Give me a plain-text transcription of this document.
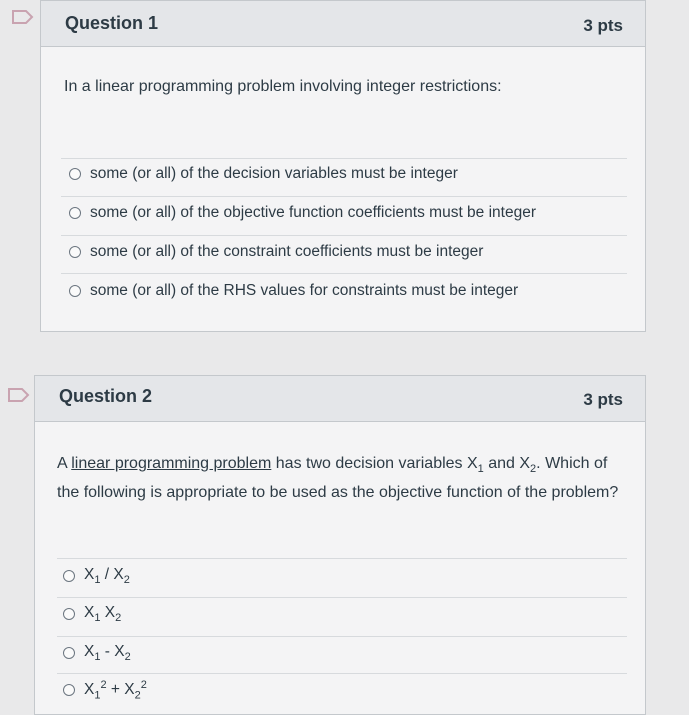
Question 1	3 pts
In a linear programming problem involving integer restrictions:
some (or all) of the decision variables must be integer
some (or all) of the objective function coefficients must be integer
some (or all) of the constraint coefficients must be integer
some (or all) of the RHS values for constraints must be integer
Question 2	3 pts
A linear programming problem has two decision variables $X_1$ and $X_2$. Which of
the following is appropriate to be used as the objective function of the problem?
$X_1 / X_2$
$X_1$ $X_2$
$X_1 - X_2$
$X_1^2 + X_2^2$
